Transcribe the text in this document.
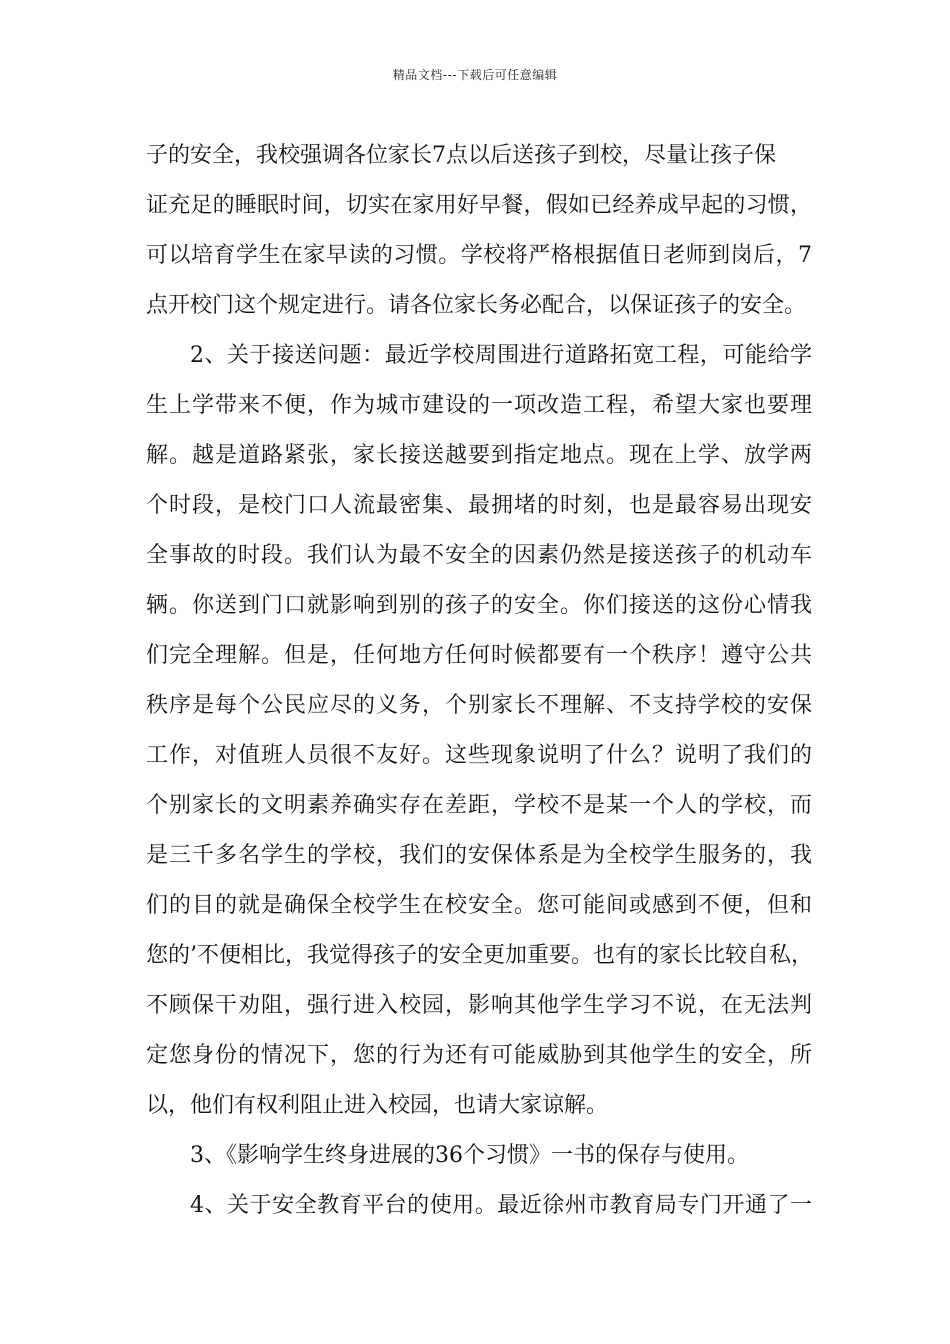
精品文档---下载后可任意编辑
子的安全，我校强调各位家长7点以后送孩子到校，尽量让孩子保
证充足的睡眠时间，切实在家用好早餐，假如已经养成早起的习惯，
可以培育学生在家早读的习惯。学校将严格根据值日老师到岗后，7
点开校门这个规定进行。请各位家长务必配合，以保证孩子的安全。
2、关于接送问题：最近学校周围进行道路拓宽工程，可能给学
生上学带来不便，作为城市建设的一项改造工程，希望大家也要理
解。越是道路紧张，家长接送越要到指定地点。现在上学、放学两
个时段，是校门口人流最密集、最拥堵的时刻，也是最容易出现安
全事故的时段。我们认为最不安全的因素仍然是接送孩子的机动车
辆。你送到门口就影响到别的孩子的安全。你们接送的这份心情我
们完全理解。但是，任何地方任何时候都要有一个秩序！遵守公共
秩序是每个公民应尽的义务，个别家长不理解、不支持学校的安保
工作，对值班人员很不友好。这些现象说明了什么？说明了我们的
个别家长的文明素养确实存在差距，学校不是某一个人的学校，而
是三千多名学生的学校，我们的安保体系是为全校学生服务的，我
们的目的就是确保全校学生在校安全。您可能间或感到不便，但和
您的’不便相比，我觉得孩子的安全更加重要。也有的家长比较自私，
不顾保干劝阻，强行进入校园，影响其他学生学习不说，在无法判
定您身份的情况下，您的行为还有可能威胁到其他学生的安全，所
以，他们有权利阻止进入校园，也请大家谅解。
3、《影响学生终身进展的36个习惯》一书的保存与使用。
4、关于安全教育平台的使用。最近徐州市教育局专门开通了一
